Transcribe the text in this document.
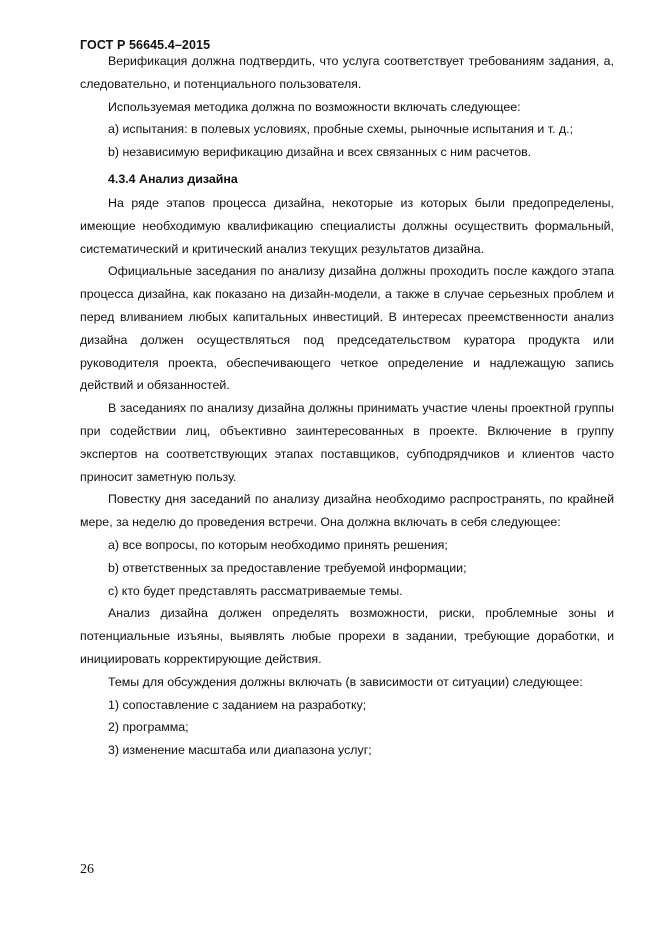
ГОСТ Р 56645.4–2015

Верификация должна подтвердить, что услуга соответствует требованиям задания, а, следовательно, и потенциального пользователя.

Используемая методика должна по возможности включать следующее:

а) испытания: в полевых условиях, пробные схемы, рыночные испытания и т. д.;

b) независимую верификацию дизайна и всех связанных с ним расчетов.

4.3.4 Анализ дизайна

На ряде этапов процесса дизайна, некоторые из которых были предопределены, имеющие необходимую квалификацию специалисты должны осуществить формальный, систематический и критический анализ текущих результатов дизайна.

Официальные заседания по анализу дизайна должны проходить после каждого этапа процесса дизайна, как показано на дизайн-модели, а также в случае серьезных проблем и перед вливанием любых капитальных инвестиций. В интересах преемственности анализ дизайна должен осуществляться под председательством куратора продукта или руководителя проекта, обеспечивающего четкое определение и надлежащую запись действий и обязанностей.

В заседаниях по анализу дизайна должны принимать участие члены проектной группы при содействии лиц, объективно заинтересованных в проекте. Включение в группу экспертов на соответствующих этапах поставщиков, субподрядчиков и клиентов часто приносит заметную пользу.

Повестку дня заседаний по анализу дизайна необходимо распространять, по крайней мере, за неделю до проведения встречи. Она должна включать в себя следующее:

а) все вопросы, по которым необходимо принять решения;

b) ответственных за предоставление требуемой информации;

с) кто будет представлять рассматриваемые темы.

Анализ дизайна должен определять возможности, риски, проблемные зоны и потенциальные изъяны, выявлять любые прорехи в задании, требующие доработки, и инициировать корректирующие действия.

Темы для обсуждения должны включать (в зависимости от ситуации) следующее:

1) сопоставление с заданием на разработку;

2) программа;

3) изменение масштаба или диапазона услуг;

26
